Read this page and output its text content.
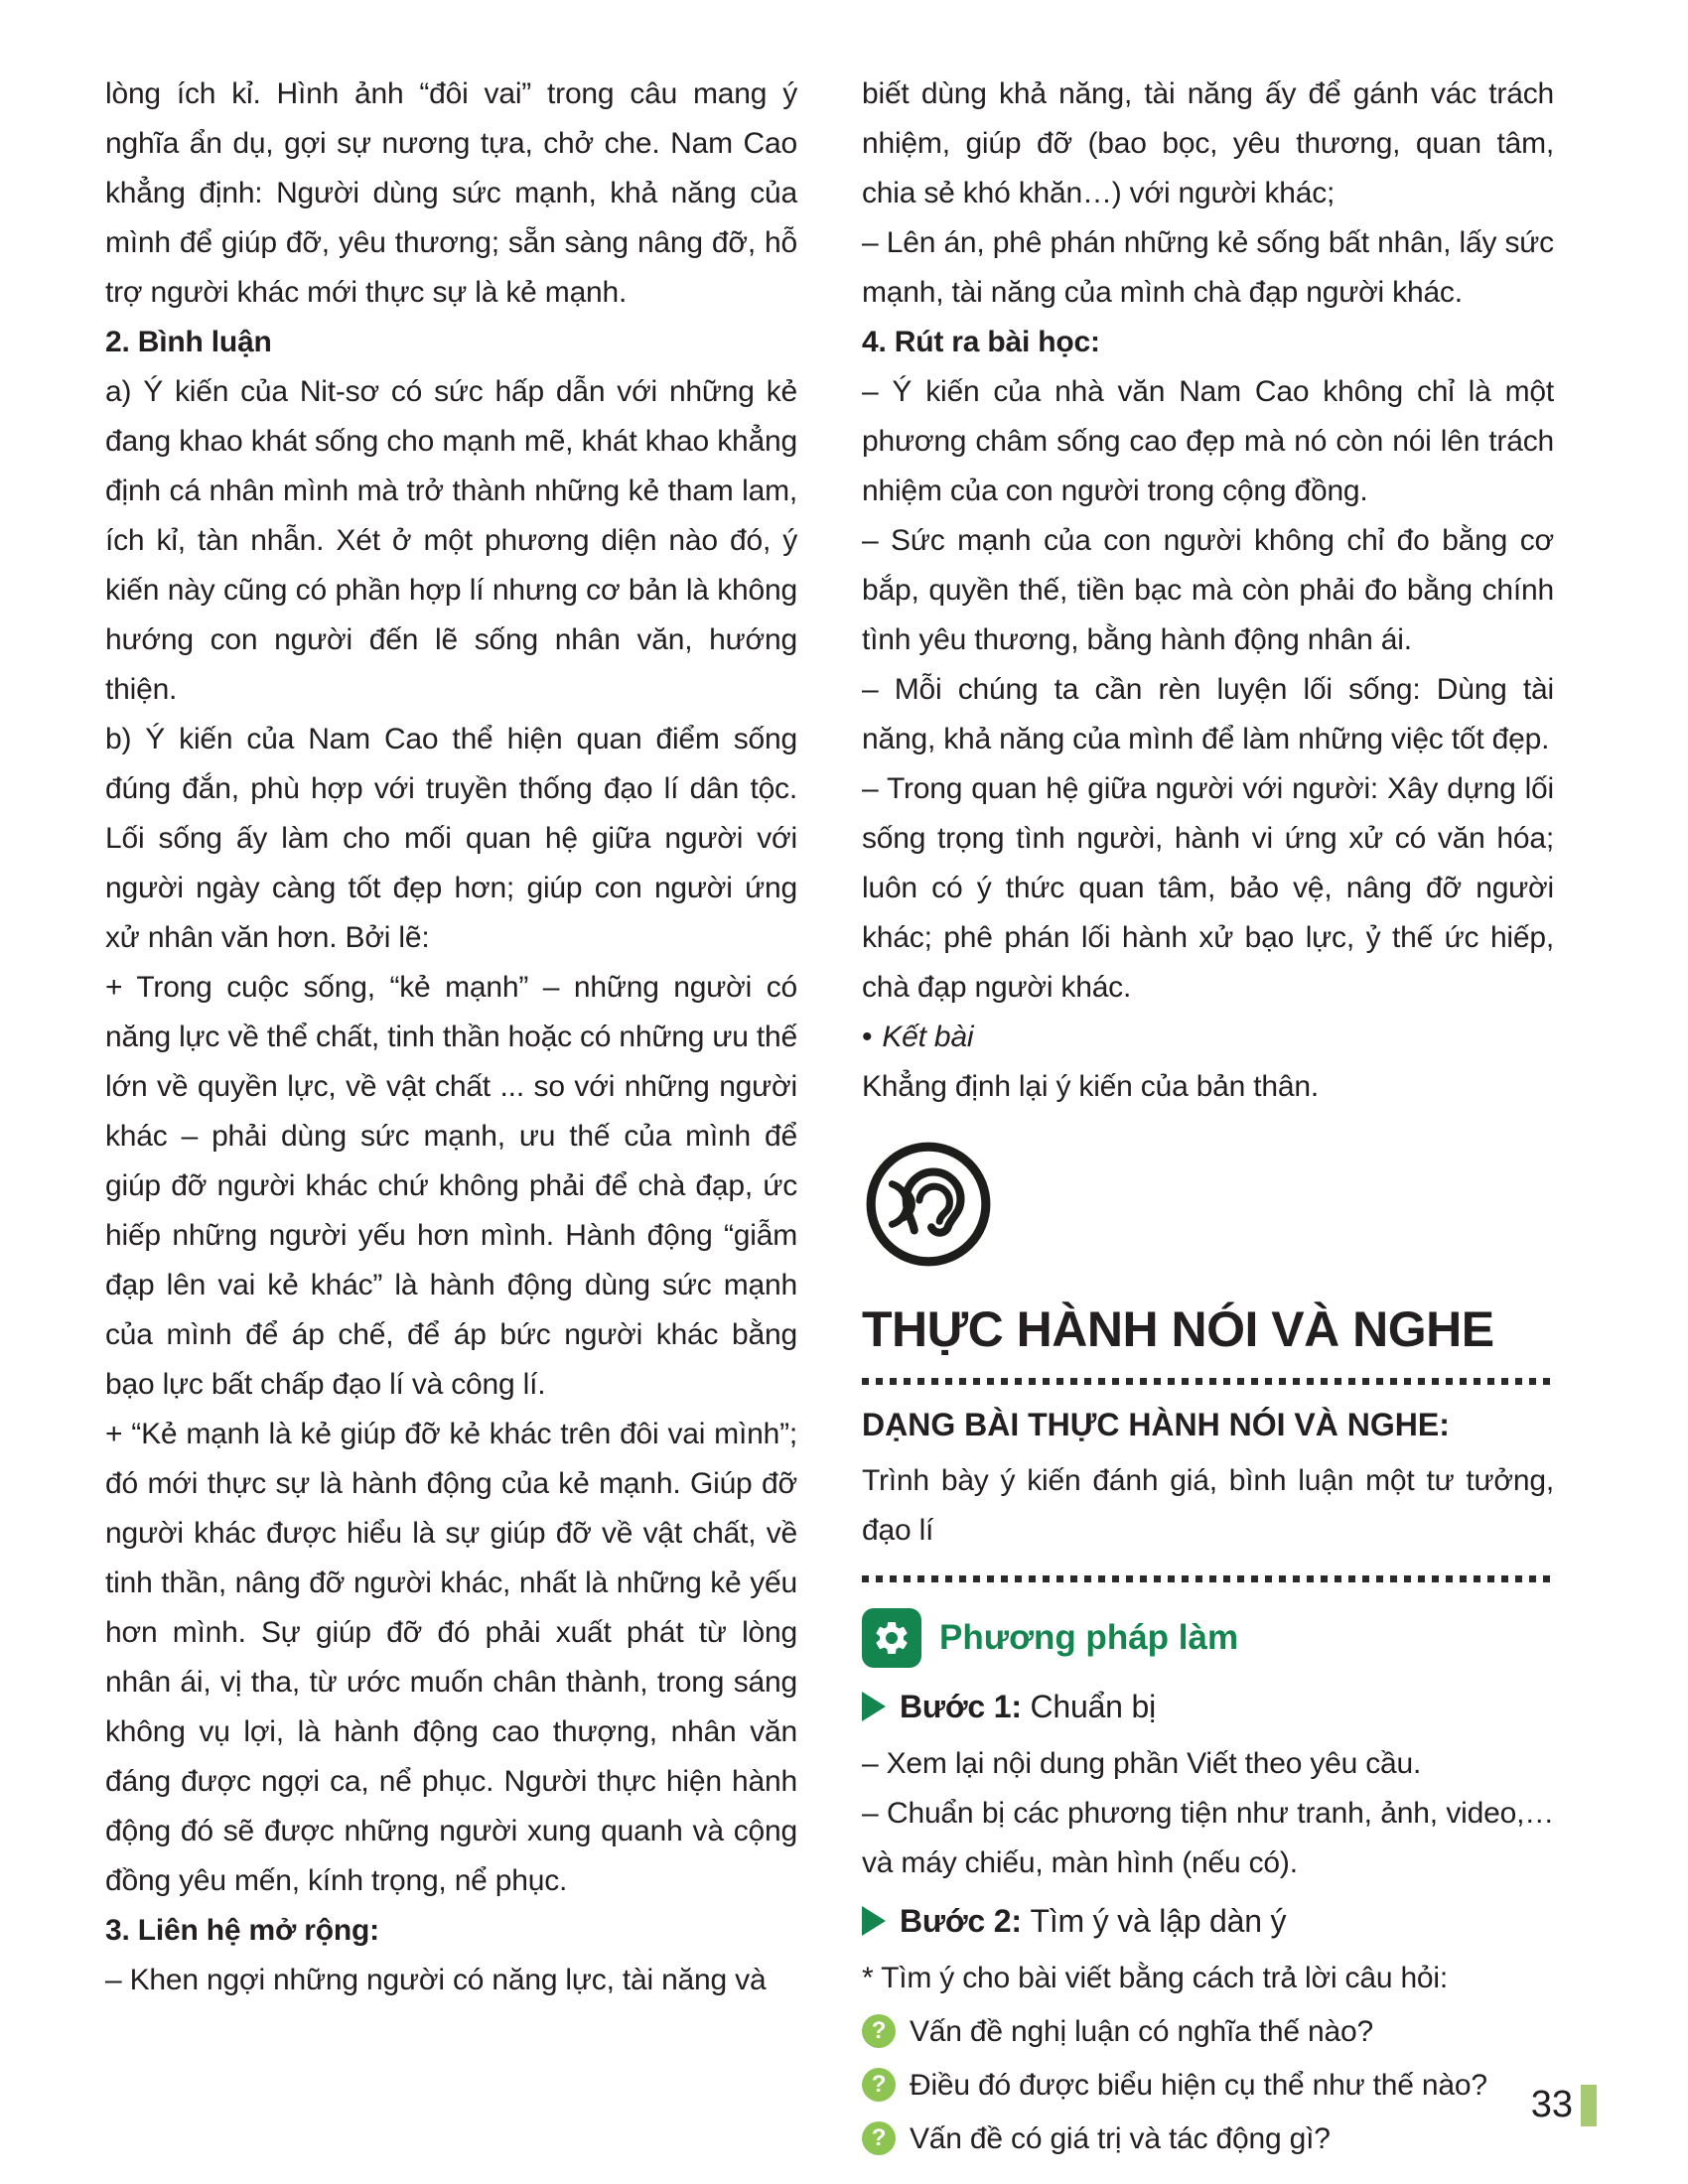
lòng ích kỉ. Hình ảnh “đôi vai” trong câu mang ý nghĩa ẩn dụ, gợi sự nương tựa, chở che. Nam Cao khẳng định: Người dùng sức mạnh, khả năng của mình để giúp đỡ, yêu thương; sẵn sàng nâng đỡ, hỗ trợ người khác mới thực sự là kẻ mạnh.

2. Bình luận

a) Ý kiến của Nit-sơ có sức hấp dẫn với những kẻ đang khao khát sống cho mạnh mẽ, khát khao khẳng định cá nhân mình mà trở thành những kẻ tham lam, ích kỉ, tàn nhẫn. Xét ở một phương diện nào đó, ý kiến này cũng có phần hợp lí nhưng cơ bản là không hướng con người đến lẽ sống nhân văn, hướng thiện.

b) Ý kiến của Nam Cao thể hiện quan điểm sống đúng đắn, phù hợp với truyền thống đạo lí dân tộc. Lối sống ấy làm cho mối quan hệ giữa người với người ngày càng tốt đẹp hơn; giúp con người ứng xử nhân văn hơn. Bởi lẽ:

+ Trong cuộc sống, “kẻ mạnh” – những người có năng lực về thể chất, tinh thần hoặc có những ưu thế lớn về quyền lực, về vật chất ... so với những người khác – phải dùng sức mạnh, ưu thế của mình để giúp đỡ người khác chứ không phải để chà đạp, ức hiếp những người yếu hơn mình. Hành động “giẫm đạp lên vai kẻ khác” là hành động dùng sức mạnh của mình để áp chế, để áp bức người khác bằng bạo lực bất chấp đạo lí và công lí.

+ “Kẻ mạnh là kẻ giúp đỡ kẻ khác trên đôi vai mình”; đó mới thực sự là hành động của kẻ mạnh. Giúp đỡ người khác được hiểu là sự giúp đỡ về vật chất, về tinh thần, nâng đỡ người khác, nhất là những kẻ yếu hơn mình. Sự giúp đỡ đó phải xuất phát từ lòng nhân ái, vị tha, từ ước muốn chân thành, trong sáng không vụ lợi, là hành động cao thượng, nhân văn đáng được ngợi ca, nể phục. Người thực hiện hành động đó sẽ được những người xung quanh và cộng đồng yêu mến, kính trọng, nể phục.

3. Liên hệ mở rộng:

– Khen ngợi những người có năng lực, tài năng và

biết dùng khả năng, tài năng ấy để gánh vác trách nhiệm, giúp đỡ (bao bọc, yêu thương, quan tâm, chia sẻ khó khăn…) với người khác;

– Lên án, phê phán những kẻ sống bất nhân, lấy sức mạnh, tài năng của mình chà đạp người khác.

4. Rút ra bài học:

– Ý kiến của nhà văn Nam Cao không chỉ là một phương châm sống cao đẹp mà nó còn nói lên trách nhiệm của con người trong cộng đồng.

– Sức mạnh của con người không chỉ đo bằng cơ bắp, quyền thế, tiền bạc mà còn phải đo bằng chính tình yêu thương, bằng hành động nhân ái.

– Mỗi chúng ta cần rèn luyện lối sống: Dùng tài năng, khả năng của mình để làm những việc tốt đẹp.

– Trong quan hệ giữa người với người: Xây dựng lối sống trọng tình người, hành vi ứng xử có văn hóa; luôn có ý thức quan tâm, bảo vệ, nâng đỡ người khác; phê phán lối hành xử bạo lực, ỷ thế ức hiếp, chà đạp người khác.

• Kết bài

Khẳng định lại ý kiến của bản thân.

THỰC HÀNH NÓI VÀ NGHE

DẠNG BÀI THỰC HÀNH NÓI VÀ NGHE:

Trình bày ý kiến đánh giá, bình luận một tư tưởng, đạo lí

Phương pháp làm

Bước 1: Chuẩn bị

– Xem lại nội dung phần Viết theo yêu cầu.

– Chuẩn bị các phương tiện như tranh, ảnh, video,… và máy chiếu, màn hình (nếu có).

Bước 2: Tìm ý và lập dàn ý

* Tìm ý cho bài viết bằng cách trả lời câu hỏi:

? Vấn đề nghị luận có nghĩa thế nào?
? Điều đó được biểu hiện cụ thể như thế nào?
? Vấn đề có giá trị và tác động gì?
33
